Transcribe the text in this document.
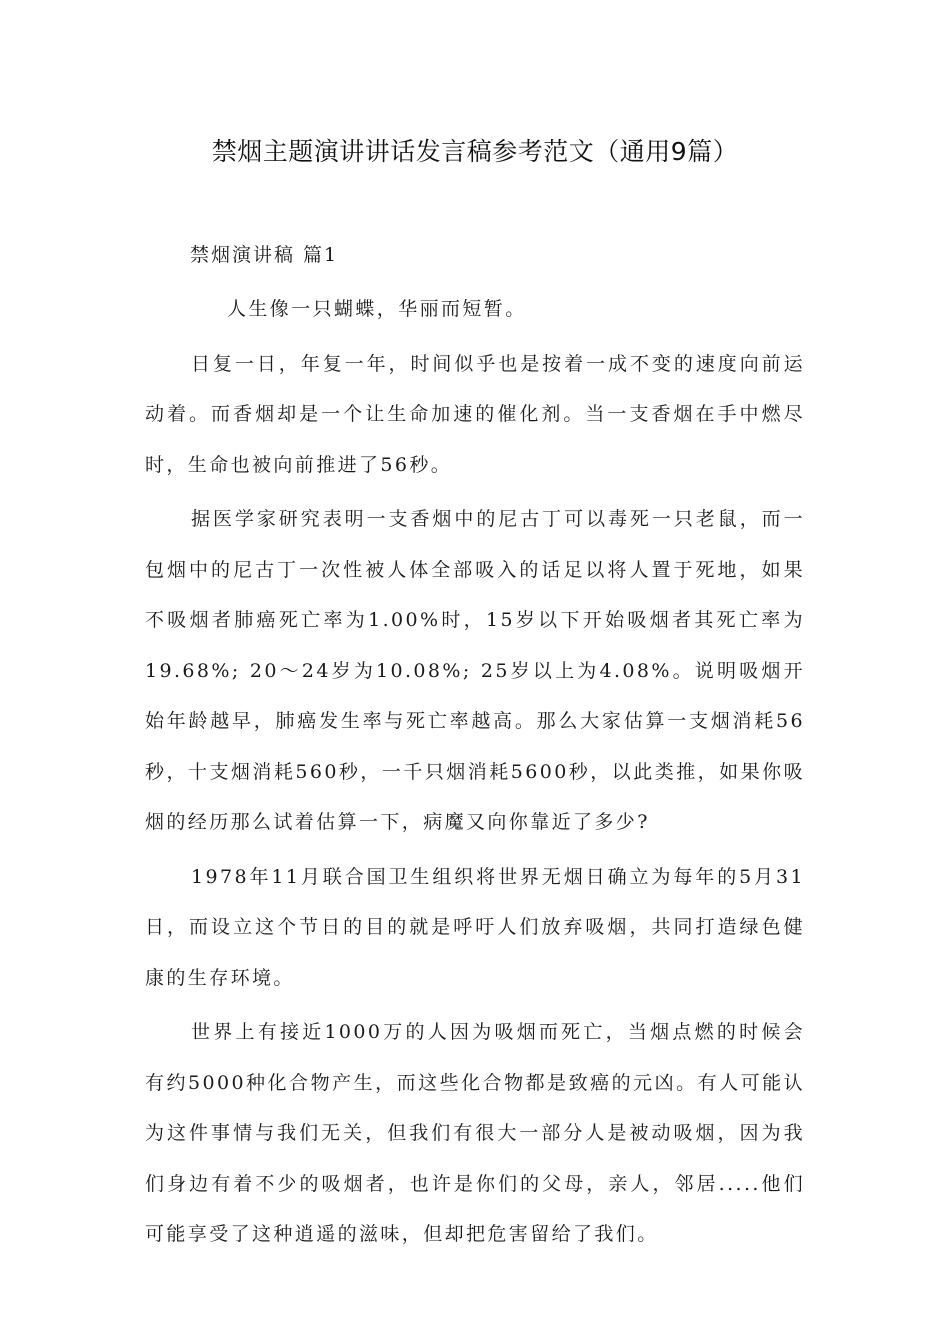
禁烟主题演讲讲话发言稿参考范文（通用9篇）
禁烟演讲稿 篇1

人生像一只蝴蝶，华丽而短暂。

日复一日，年复一年，时间似乎也是按着一成不变的速度向前运动着。而香烟却是一个让生命加速的催化剂。当一支香烟在手中燃尽时，生命也被向前推进了56秒。

据医学家研究表明一支香烟中的尼古丁可以毒死一只老鼠，而一包烟中的尼古丁一次性被人体全部吸入的话足以将人置于死地，如果不吸烟者肺癌死亡率为1.00%时，15岁以下开始吸烟者其死亡率为19.68%; 20～24岁为10.08%; 25岁以上为4.08%。说明吸烟开始年龄越早，肺癌发生率与死亡率越高。那么大家估算一支烟消耗56秒，十支烟消耗560秒，一千只烟消耗5600秒，以此类推，如果你吸烟的经历那么试着估算一下，病魔又向你靠近了多少?

1978年11月联合国卫生组织将世界无烟日确立为每年的5月31日，而设立这个节日的目的就是呼吁人们放弃吸烟，共同打造绿色健康的生存环境。

世界上有接近1000万的人因为吸烟而死亡，当烟点燃的时候会有约5000种化合物产生，而这些化合物都是致癌的元凶。有人可能认为这件事情与我们无关，但我们有很大一部分人是被动吸烟，因为我们身边有着不少的吸烟者，也许是你们的父母，亲人，邻居.....他们可能享受了这种逍遥的滋味，但却把危害留给了我们。
